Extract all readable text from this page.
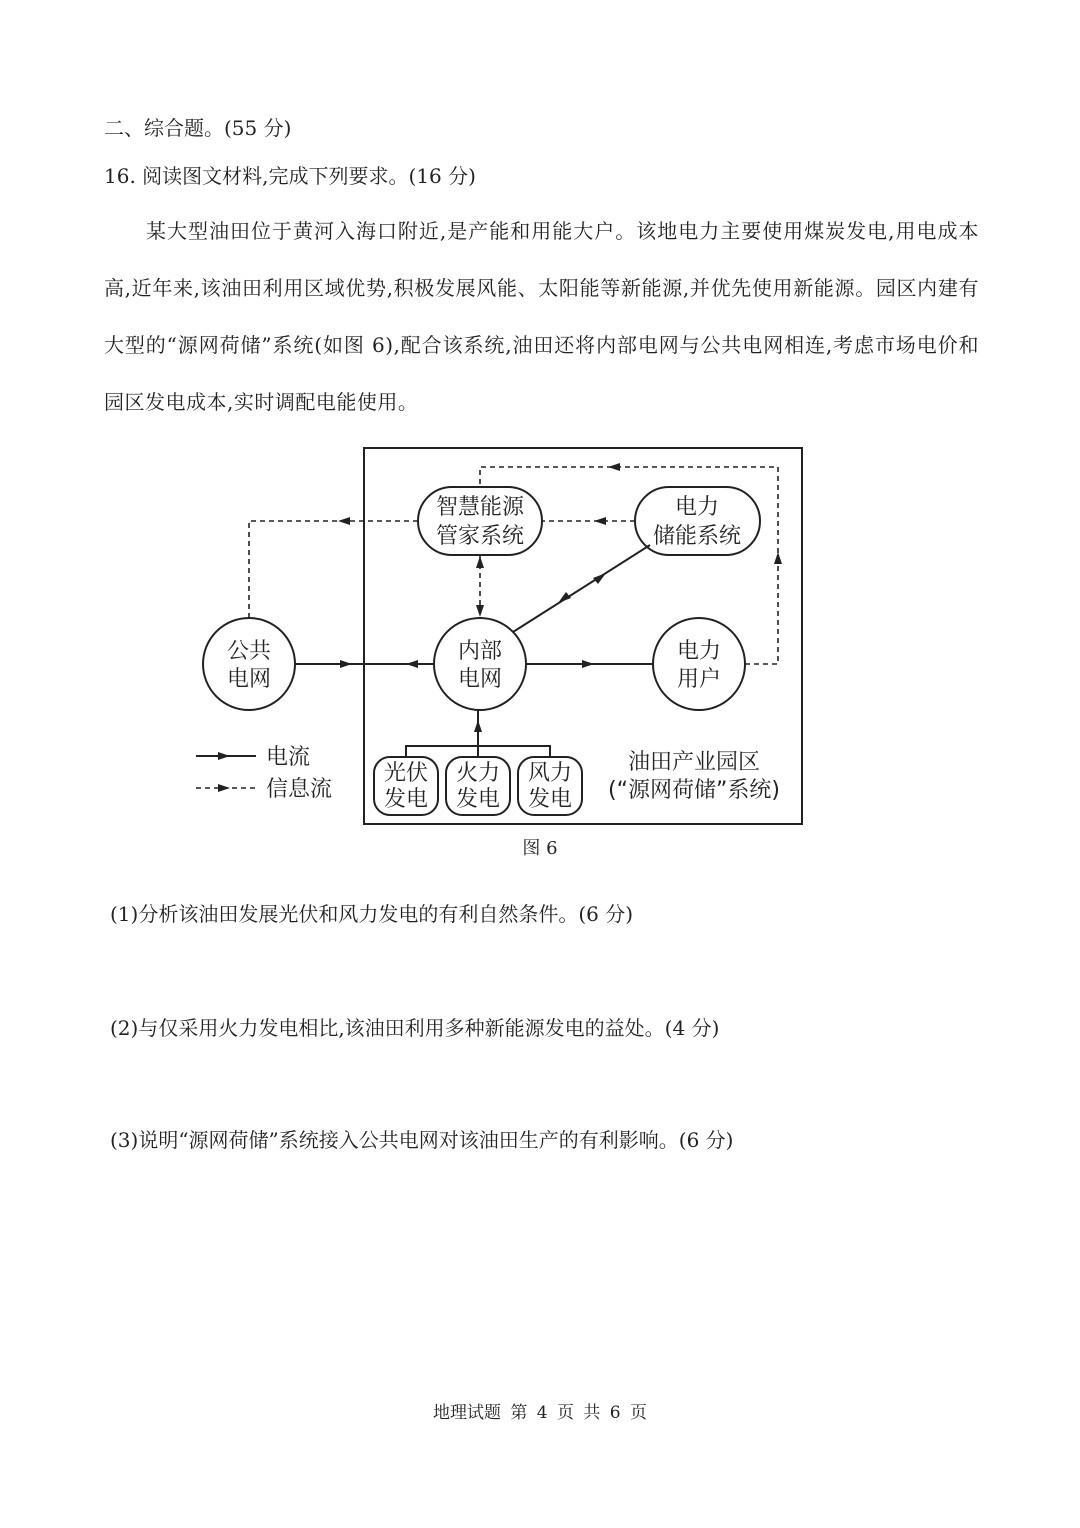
二、综合题。(55 分)
16. 阅读图文材料,完成下列要求。(16 分)

某大型油田位于黄河入海口附近,是产能和用能大户。该地电力主要使用煤炭发电,用电成本高,近年来,该油田利用区域优势,积极发展风能、太阳能等新能源,并优先使用新能源。园区内建有大型的“源网荷储”系统(如图 6),配合该系统,油田还将内部电网与公共电网相连,考虑市场电价和园区发电成本,实时调配电能使用。

智慧能源
管家系统
电力
储能系统
公共
电网
内部
电网
电力
用户
光伏
发电
火力
发电
风力
发电
油田产业园区
(“源网荷储”系统)
电流
信息流
图 6
(1)分析该油田发展光伏和风力发电的有利自然条件。(6 分)
(2)与仅采用火力发电相比,该油田利用多种新能源发电的益处。(4 分)
(3)说明“源网荷储”系统接入公共电网对该油田生产的有利影响。(6 分)
地理试题 第 4 页 共 6 页
